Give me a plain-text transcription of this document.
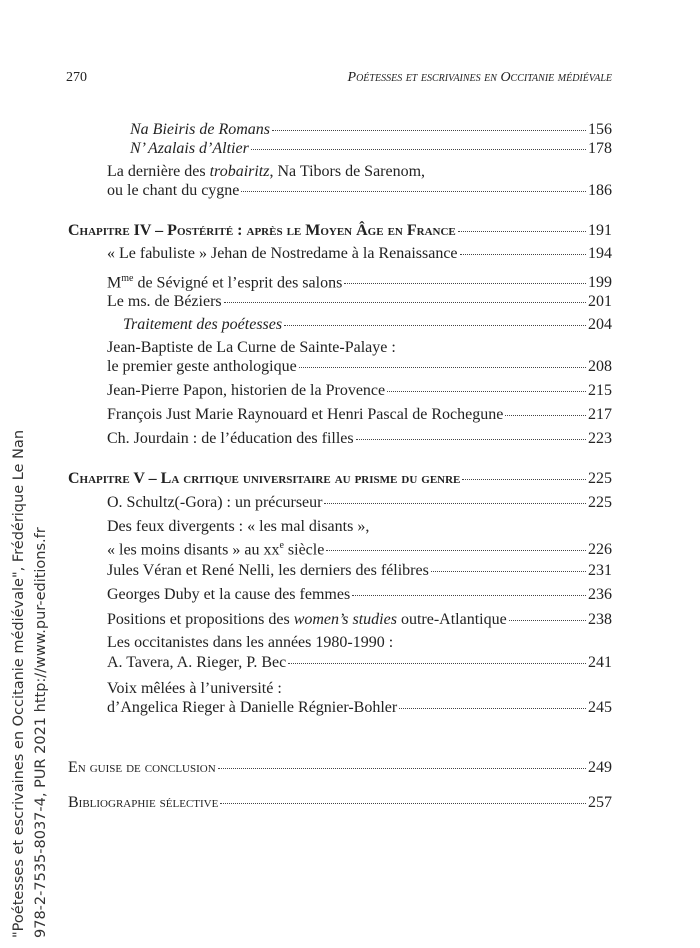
270	Poétesses et escrivaines en Occitanie médiévale
Na Bieiris de Romans	156
N’ Azalais d’Altier	178
La dernière des trobairitz, Na Tibors de Sarenom,
ou le chant du cygne	186
Chapitre IV – Postérité : après le Moyen Âge en France	191
« Le fabuliste » Jehan de Nostredame à la Renaissance	194
$M^{me}$ de Sévigné et l’esprit des salons	199
Le ms. de Béziers	201
Traitement des poétesses	204
Jean-Baptiste de La Curne de Sainte-Palaye :
le premier geste anthologique	208
Jean-Pierre Papon, historien de la Provence	215
François Just Marie Raynouard et Henri Pascal de Rochegune	217
Ch. Jourdain : de l’éducation des filles	223
Chapitre V – La critique universitaire au prisme du genre	225
O. Schultz(-Gora) : un précurseur	225
Des feux divergents : « les mal disants »,
« les moins disants » au $xx^e$ siècle	226
Jules Véran et René Nelli, les derniers des félibres	231
Georges Duby et la cause des femmes	236
Positions et propositions des women’s studies outre-Atlantique	238
Les occitanistes dans les années 1980-1990 :
A. Tavera, A. Rieger, P. Bec	241
Voix mêlées à l’université :
d’Angelica Rieger à Danielle Régnier-Bohler	245
En guise de conclusion	249
Bibliographie sélective	257
"Poétesses et escrivaines en Occitanie médiévale", Frédérique Le Nan 978-2-7535-8037-4, PUR 2021 http://www.pur-editions.fr
